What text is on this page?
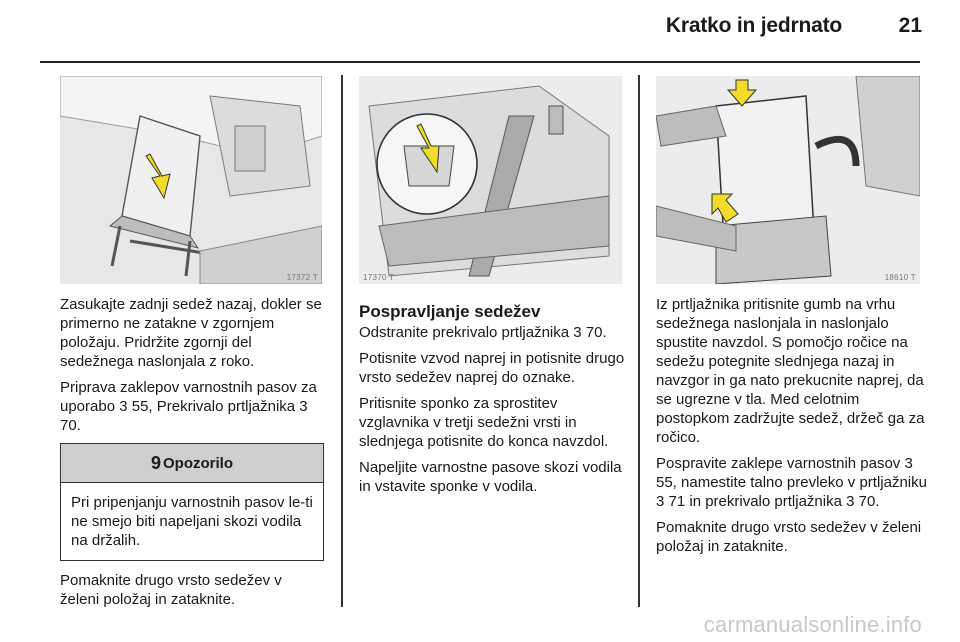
Kratko in jedrnato	21
17372 T	17370 T	18610 T

Zasukajte zadnji sedež nazaj, dokler se primerno ne zatakne v zgornjem položaju. Pridržite zgornji del sedežnega naslonjala z roko.

Priprava zaklepov varnostnih pasov za uporabo 3 55, Prekrivalo prtljažnika 3 70.

9 Opozorilo
Pri pripenjanju varnostnih pasov le-ti ne smejo biti napeljani skozi vodila na držalih.

Pomaknite drugo vrsto sedežev v želeni položaj in zataknite.

Pospravljanje sedežev

Odstranite prekrivalo prtljažnika 3 70.

Potisnite vzvod naprej in potisnite drugo vrsto sedežev naprej do oznake.

Pritisnite sponko za sprostitev vzglavnika v tretji sedežni vrsti in slednjega potisnite do konca navzdol.

Napeljite varnostne pasove skozi vodila in vstavite sponke v vodila.

Iz prtljažnika pritisnite gumb na vrhu sedežnega naslonjala in naslonjalo spustite navzdol. S pomočjo ročice na sedežu potegnite slednjega nazaj in navzgor in ga nato prekucnite naprej, da se ugrezne v tla. Med celotnim postopkom zadržujte sedež, držeč ga za ročico.

Pospravite zaklepe varnostnih pasov 3 55, namestite talno prevleko v prtljažniku 3 71 in prekrivalo prtljažnika 3 70.

Pomaknite drugo vrsto sedežev v želeni položaj in zataknite.

carmanualsonline.info
